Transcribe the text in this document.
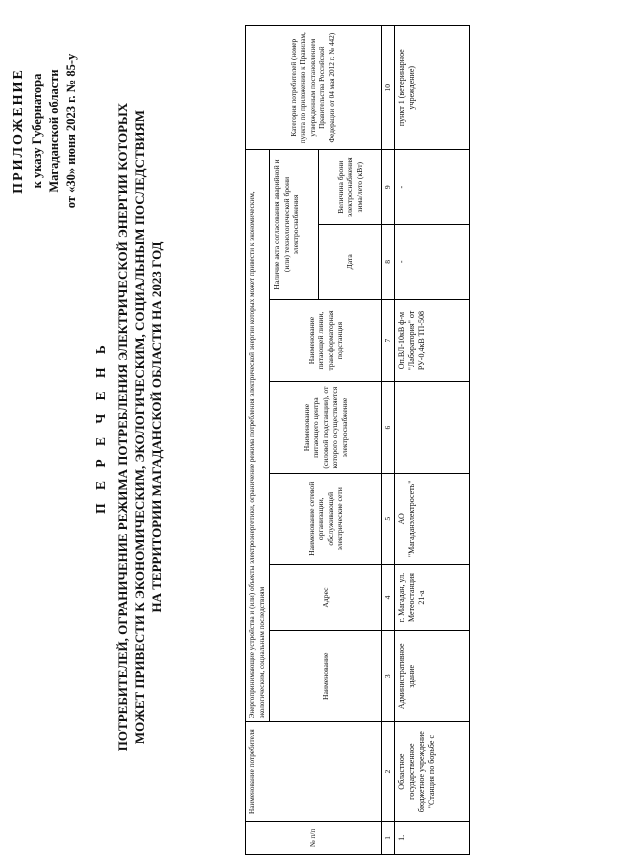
ПРИЛОЖЕНИЕ к указу Губернатора Магаданской области от «30» июня 2023 г. № 85-у
П Е Р Е Ч Е Н Ь ПОТРЕБИТЕЛЕЙ, ОГРАНИЧЕНИЕ РЕЖИМА ПОТРЕБЛЕНИЯ ЭЛЕКТРИЧЕСКОЙ ЭНЕРГИИ КОТОРЫХ МОЖЕТ ПРИВЕСТИ К ЭКОНОМИЧЕСКИМ, ЭКОЛОГИЧЕСКИМ, СОЦИАЛЬНЫМ ПОСЛЕДСТВИЯМ НА ТЕРРИТОРИИ МАГАДАНСКОЙ ОБЛАСТИ НА 2023 ГОД
№ п/п	Наименование потребителя	Энергопринимающие устройства и (или) объекты электроэнергетики, ограничение режима потребления электрической энергии которых может привести к экономическим, экологическим, социальным последствиям							Категория потребителей (номер пункта по приложению к Правилам, утвержденным постановлением Правительства Российской Федерации от 04 мая 2012 г. № 442)
		Наименование	Адрес	Наименование сетевой организации, обслуживающей электрические сети	Наименование питающего центра (силовой подстанции), от которого осуществляется электроснабжение	Наименование питающей линии, трансформаторная подстанция	Наличие акта согласования аварийной и (или) технологической брони электроснабжения		
							Дата	Величина брони электроснабжения зима/лето (кВт)	
1	2	3	4	5	6	7	8	9	10
1.	Областное государственное бюджетное учреждение "Станция по борьбе с	Административное здание	г. Магадан, ул. Метеостанция 21-а	АО "Магаданэлектросеть"		Оп.ВЛ-10кВ ф-м "Лаборатория" от РУ-0,4кВ ТП-508	-	-	пункт 1 (ветеринарное учреждение)
